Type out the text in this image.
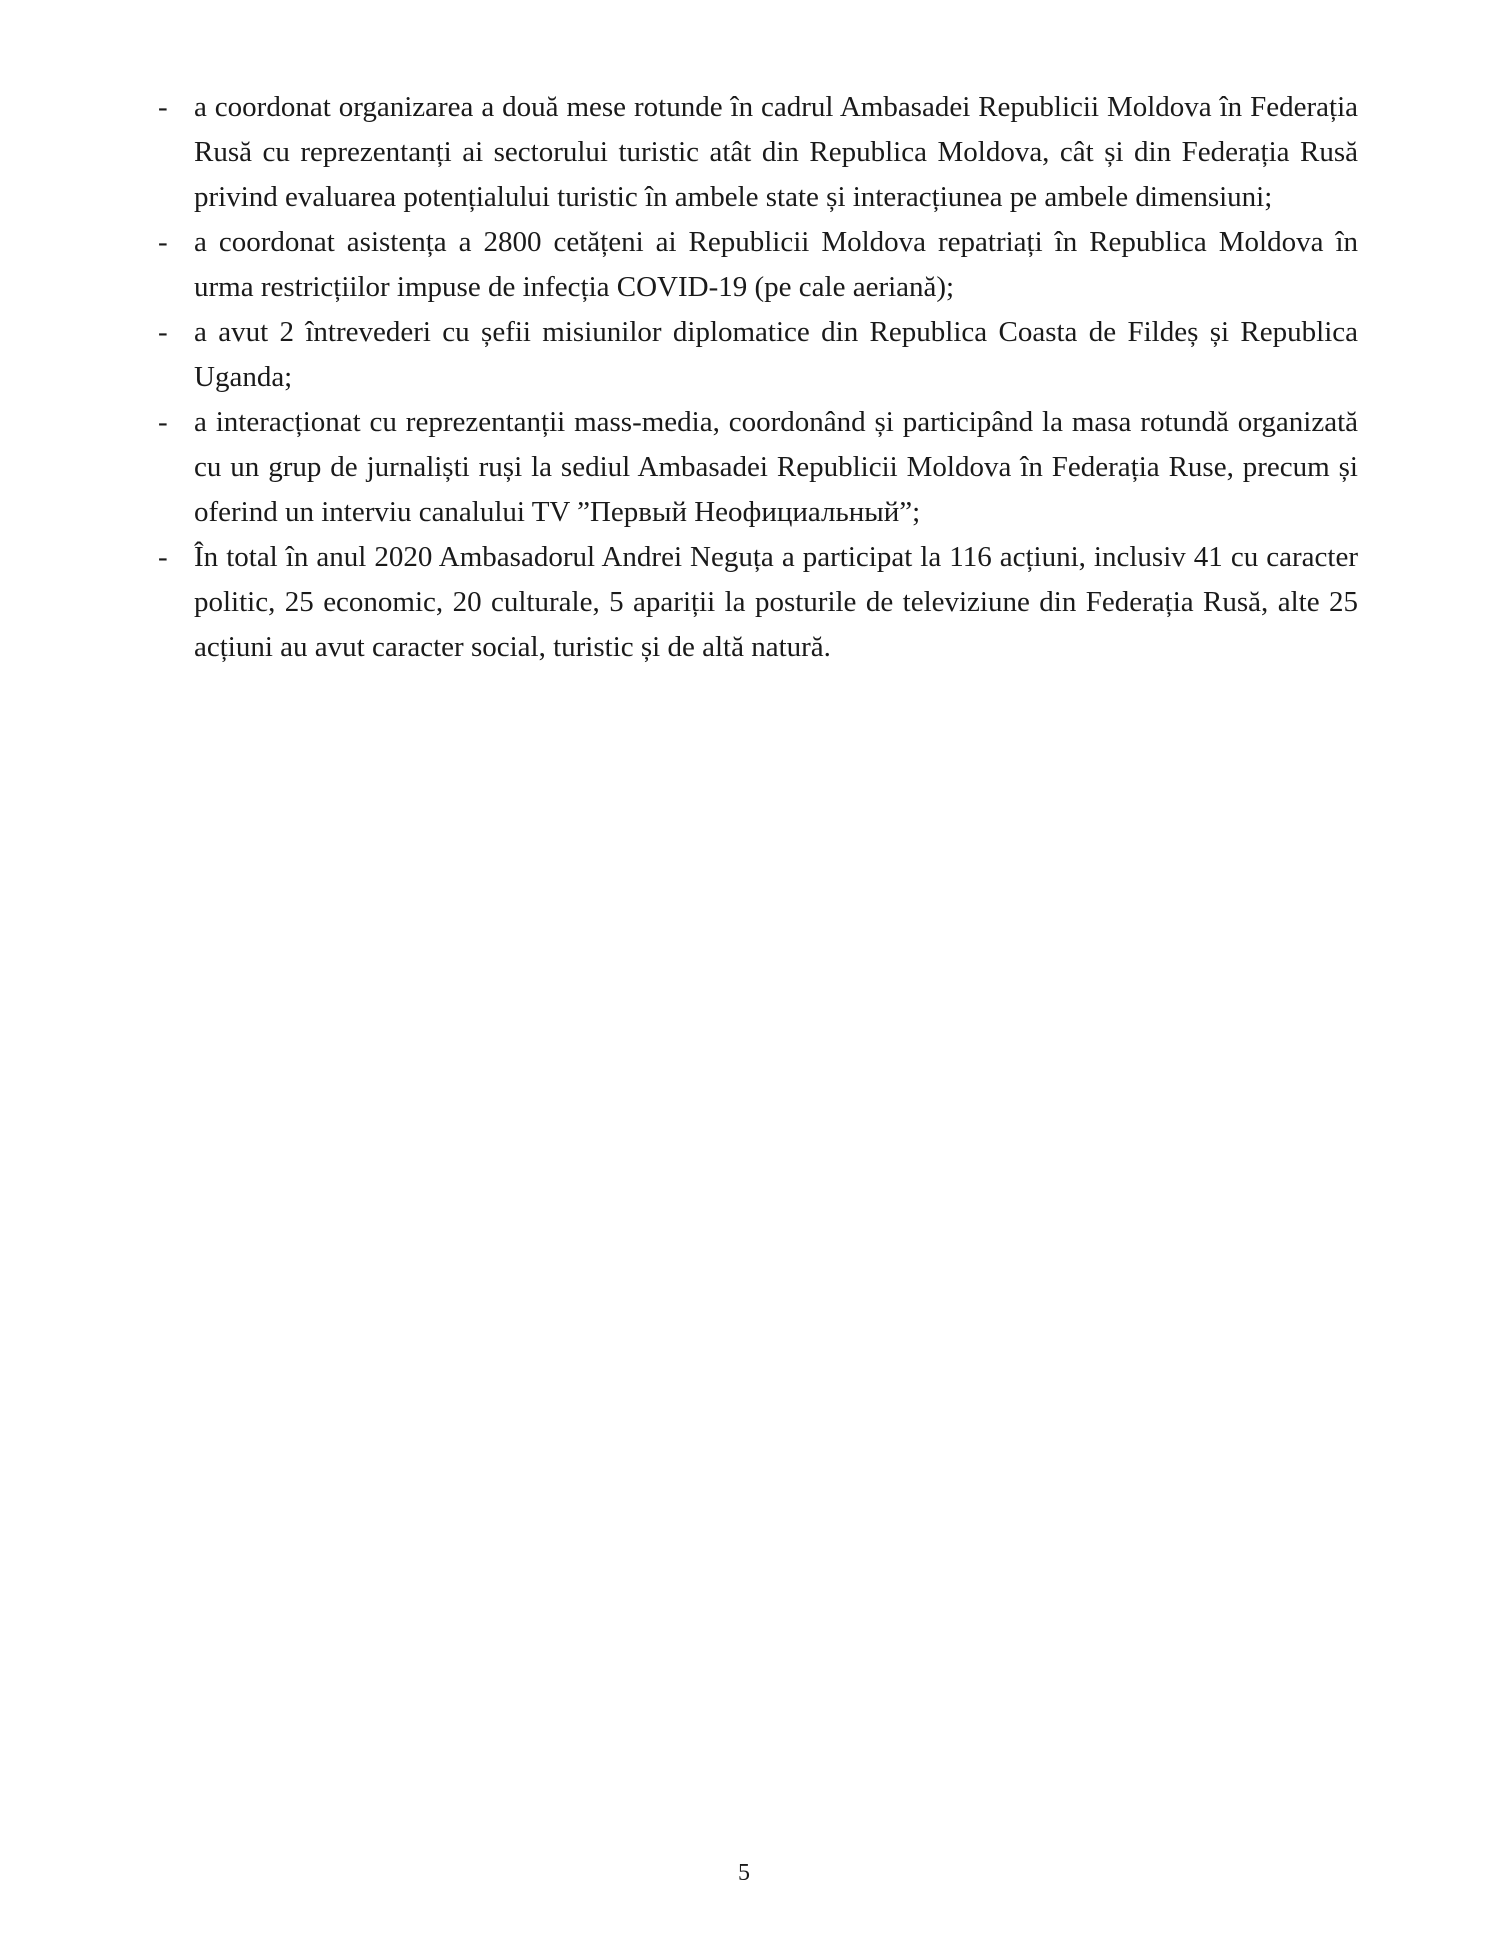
- a coordonat organizarea a două mese rotunde în cadrul Ambasadei Republicii Moldova în Federația Rusă cu reprezentanți ai sectorului turistic atât din Republica Moldova, cât și din Federația Rusă privind evaluarea potențialului turistic în ambele state și interacțiunea pe ambele dimensiuni;
- a coordonat asistența a 2800 cetățeni ai Republicii Moldova repatriați în Republica Moldova în urma restricțiilor impuse de infecția COVID-19 (pe cale aeriană);
- a avut 2 întrevederi cu șefii misiunilor diplomatice din Republica Coasta de Fildeș și Republica Uganda;
- a interacționat cu reprezentanții mass-media, coordonând și participând la masa rotundă organizată cu un grup de jurnaliști ruși la sediul Ambasadei Republicii Moldova în Federația Ruse, precum și oferind un interviu canalului TV ”Первый Неофициальный”;
- În total în anul 2020 Ambasadorul Andrei Neguța a participat la 116 acțiuni, inclusiv 41 cu caracter politic, 25 economic, 20 culturale, 5 apariții la posturile de televiziune din Federația Rusă, alte 25 acțiuni au avut caracter social, turistic și de altă natură.
5
